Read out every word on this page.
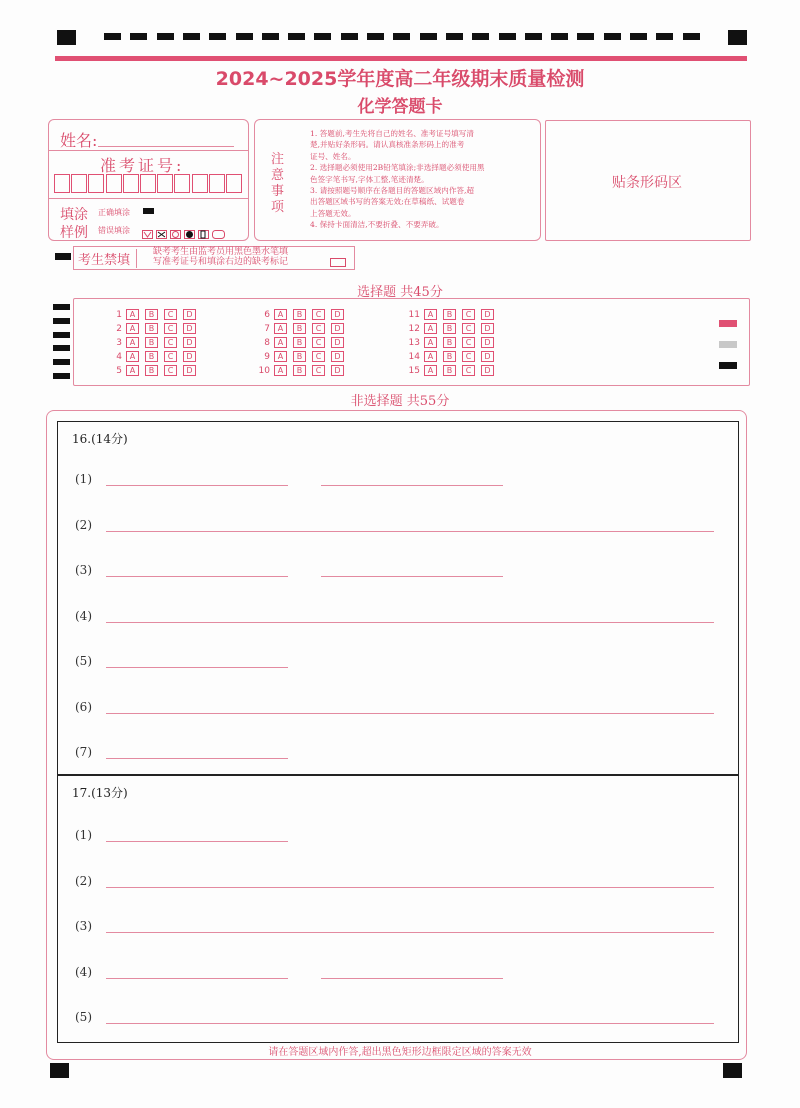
2024~2025学年度高二年级期末质量检测
化学答题卡
姓名:
准考证号:
填涂
样例
正确填涂
错误填涂
注意事项
1. 答题前,考生先将自己的姓名、准考证号填写清
楚,并贴好条形码。请认真核准条形码上的准考
证号、姓名。
2. 选择题必须使用2B铅笔填涂;非选择题必须使用黑
色签字笔书写,字体工整,笔迹清楚。
3. 请按照题号顺序在各题目的答题区域内作答,超
出答题区域书写的答案无效;在草稿纸、试题卷
上答题无效。
4. 保持卡面清洁,不要折叠、不要弄破。
贴条形码区
考生禁填
缺考考生由监考员用黑色墨水笔填
写准考证号和填涂右边的缺考标记
选择题 共45分
1 A B C D
2 A B C D
3 A B C D
4 A B C D
5 A B C D
6 A B C D
7 A B C D
8 A B C D
9 A B C D
10 A B C D
11 A B C D
12 A B C D
13 A B C D
14 A B C D
15 A B C D
非选择题 共55分
16.(14分)
(1)
(2)
(3)
(4)
(5)
(6)
(7)
17.(13分)
(1)
(2)
(3)
(4)
(5)
请在答题区域内作答,超出黑色矩形边框限定区域的答案无效
